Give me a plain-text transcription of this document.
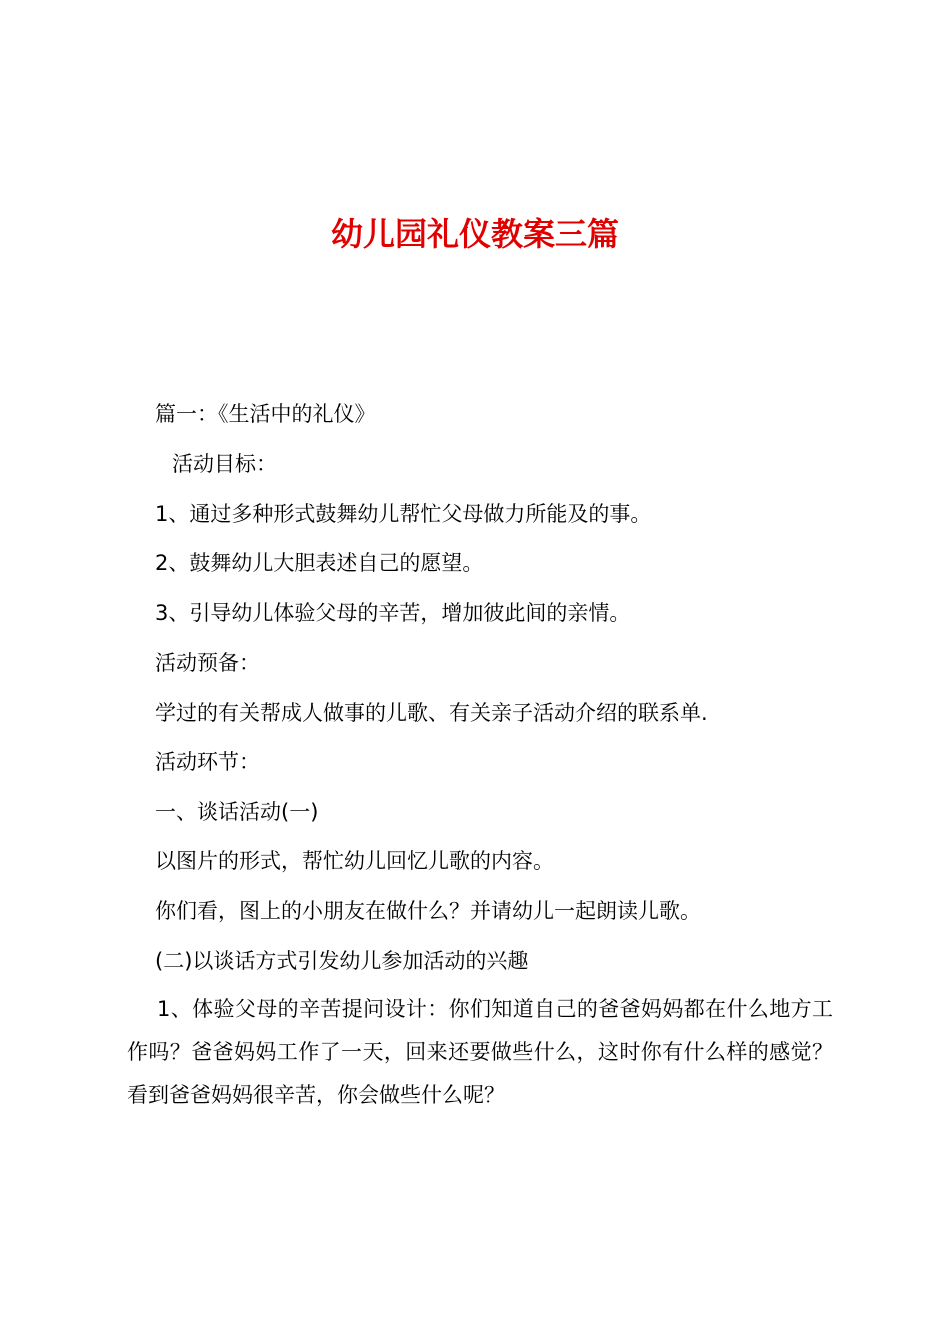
幼儿园礼仪教案三篇

篇一：《生活中的礼仪》

活动目标：

1、通过多种形式鼓舞幼儿帮忙父母做力所能及的事。

2、鼓舞幼儿大胆表述自己的愿望。

3、引导幼儿体验父母的辛苦，增加彼此间的亲情。

活动预备：

学过的有关帮成人做事的儿歌、有关亲子活动介绍的联系单.

活动环节：

一、谈话活动(一)

以图片的形式，帮忙幼儿回忆儿歌的内容。

你们看，图上的小朋友在做什么？并请幼儿一起朗读儿歌。

(二)以谈话方式引发幼儿参加活动的兴趣

1、体验父母的辛苦提问设计：你们知道自己的爸爸妈妈都在什么地方工作吗？爸爸妈妈工作了一天，回来还要做些什么，这时你有什么样的感觉？看到爸爸妈妈很辛苦，你会做些什么呢？
